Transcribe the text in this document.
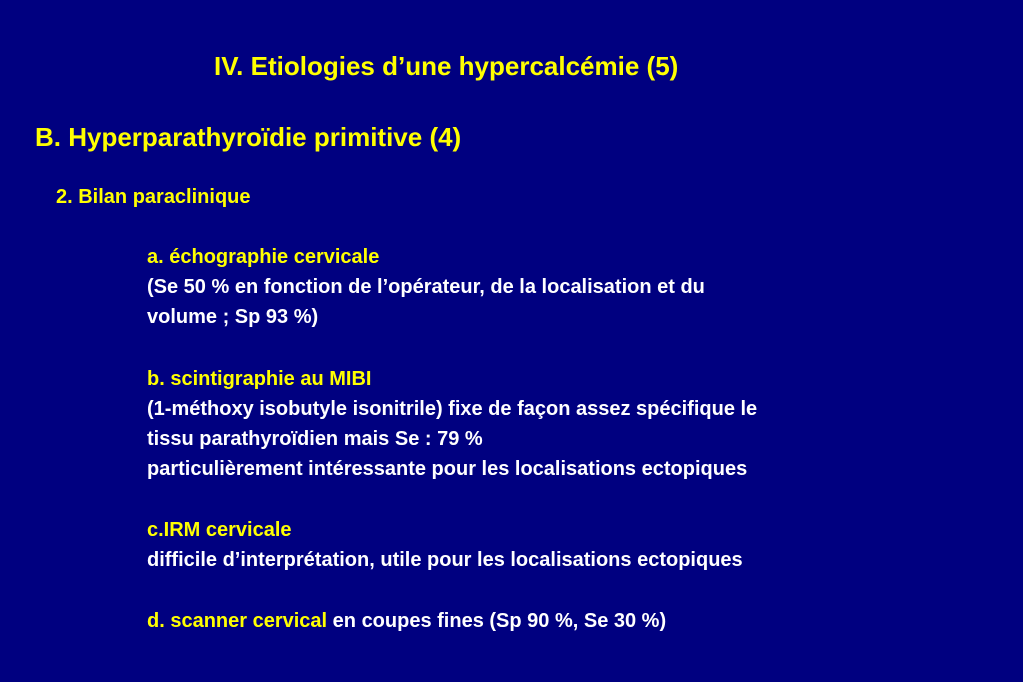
IV. Etiologies d’une hypercalcémie (5)
B. Hyperparathyroïdie primitive (4)
2. Bilan paraclinique
a. échographie cervicale
(Se 50 % en fonction de l’opérateur, de la localisation et du
volume ; Sp 93 %)
b. scintigraphie au MIBI
(1-méthoxy isobutyle isonitrile) fixe de façon assez spécifique le
tissu parathyroïdien mais Se : 79 %
particulièrement intéressante pour les localisations ectopiques
c.IRM cervicale
difficile d’interprétation, utile pour les localisations ectopiques
d. scanner cervical en coupes fines (Sp 90 %, Se 30 %)
